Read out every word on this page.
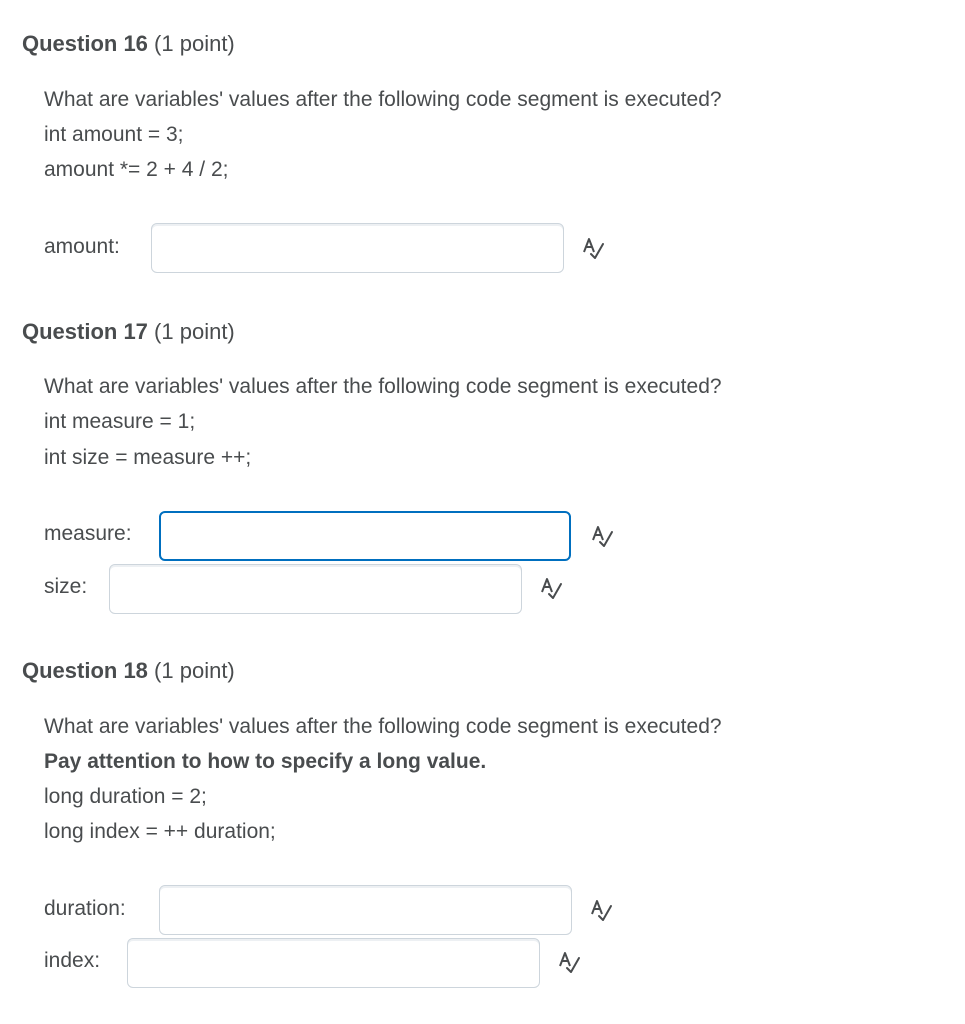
Question 16 (1 point)
What are variables' values after the following code segment is executed?
int amount = 3;
amount *= 2 + 4 / 2;
amount:
Question 17 (1 point)
What are variables' values after the following code segment is executed?
int measure = 1;
int size = measure ++;
measure:
size:
Question 18 (1 point)
What are variables' values after the following code segment is executed?
Pay attention to how to specify a long value.
long duration = 2;
long index = ++ duration;
duration:
index:
